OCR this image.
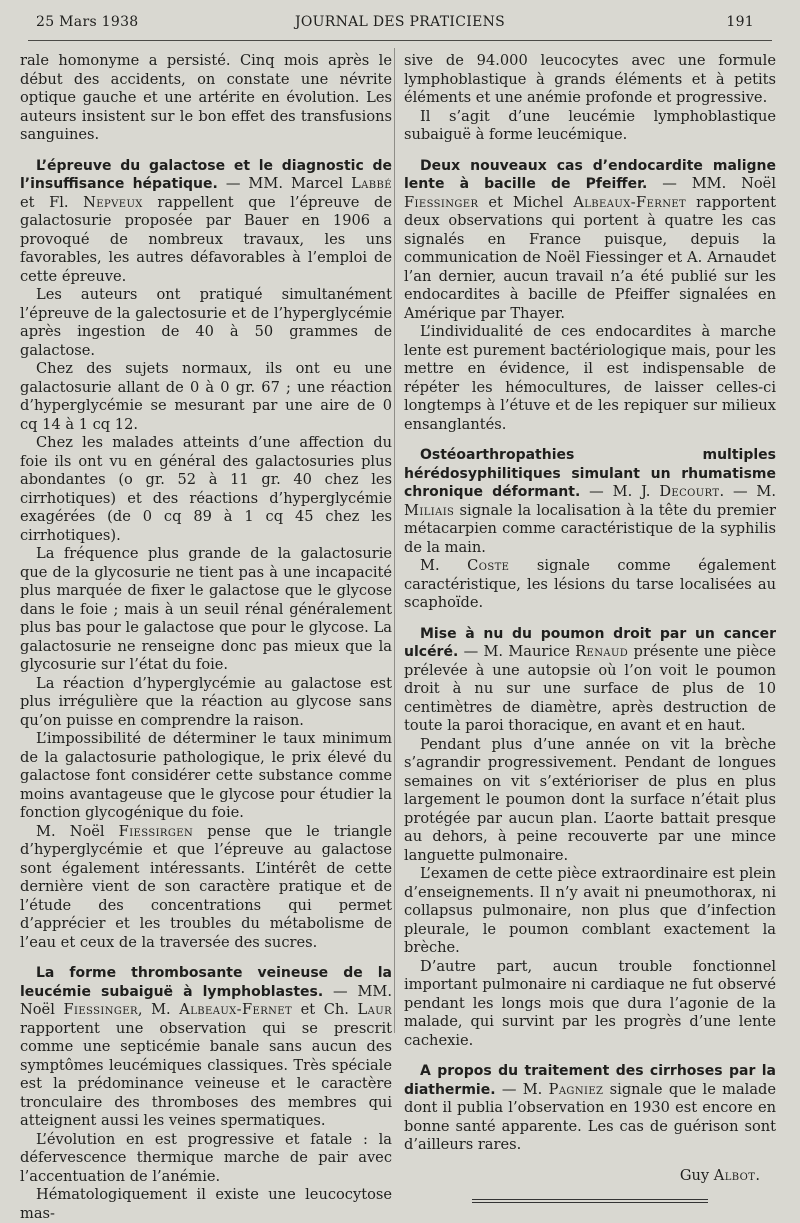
25 Mars 1938	JOURNAL DES PRATICIENS	191

rale homonyme a persisté. Cinq mois après le début des accidents, on constate une névrite optique gauche et une artérite en évolution. Les auteurs insistent sur le bon effet des transfusions sanguines.

L’épreuve du galactose et le diagnostic de l’insuffisance hépatique. — MM. Marcel Labbé et Fl. Nepveux rappellent que l’épreuve de galactosurie proposée par Bauer en 1906 a provoqué de nombreux travaux, les uns favorables, les autres défavorables à l’emploi de cette épreuve.

Les auteurs ont pratiqué simultanément l’épreuve de la galectosurie et de l’hyperglycémie après ingestion de 40 à 50 grammes de galactose.

Chez des sujets normaux, ils ont eu une galactosurie allant de 0 à 0 gr. 67 ; une réaction d’hyperglycémie se mesurant par une aire de 0 cq 14 à 1 cq 12.

Chez les malades atteints d’une affection du foie ils ont vu en général des galactosuries plus abondantes (o gr. 52 à 11 gr. 40 chez les cirrhotiques) et des réactions d’hyperglycémie exagérées (de 0 cq 89 à 1 cq 45 chez les cirrhotiques).

La fréquence plus grande de la galactosurie que de la glycosurie ne tient pas à une incapacité plus marquée de fixer le galactose que le glycose dans le foie ; mais à un seuil rénal généralement plus bas pour le galactose que pour le glycose. La galactosurie ne renseigne donc pas mieux que la glycosurie sur l’état du foie.

La réaction d’hyperglycémie au galactose est plus irrégulière que la réaction au glycose sans qu’on puisse en comprendre la raison.

L’impossibilité de déterminer le taux minimum de la galactosurie pathologique, le prix élevé du galactose font considérer cette substance comme moins avantageuse que le glycose pour étudier la fonction glycogénique du foie.

M. Noël Fiessirgen pense que le triangle d’hyperglycémie et que l’épreuve au galactose sont également intéressants. L’intérêt de cette dernière vient de son caractère pratique et de l’étude des concentrations qui permet d’apprécier et les troubles du métabolisme de l’eau et ceux de la traversée des sucres.

La forme thrombosante veineuse de la leucémie subaiguë à lymphoblastes. — MM. Noël Fiessinger, M. Albeaux-Fernet et Ch. Laur rapportent une observation qui se prescrit comme une septicémie banale sans aucun des symptômes leucémiques classiques. Très spéciale est la prédominance veineuse et le caractère tronculaire des thromboses des membres qui atteignent aussi les veines spermatiques.

L’évolution en est progressive et fatale : la défervescence thermique marche de pair avec l’accentuation de l’anémie.

Hématologiquement il existe une leucocytose mas-

sive de 94.000 leucocytes avec une formule lymphoblastique à grands éléments et à petits éléments et une anémie profonde et progressive.

Il s’agit d’une leucémie lymphoblastique subaiguë à forme leucémique.

Deux nouveaux cas d’endocardite maligne lente à bacille de Pfeiffer. — MM. Noël Fiessinger et Michel Albeaux-Fernet rapportent deux observations qui portent à quatre les cas signalés en France puisque, depuis la communication de Noël Fiessinger et A. Arnaudet l’an dernier, aucun travail n’a été publié sur les endocardites à bacille de Pfeiffer signalées en Amérique par Thayer.

L’individualité de ces endocardites à marche lente est purement bactériologique mais, pour les mettre en évidence, il est indispensable de répéter les hémocultures, de laisser celles-ci longtemps à l’étuve et de les repiquer sur milieux ensanglantés.

Ostéoarthropathies multiples hérédosyphilitiques simulant un rhumatisme chronique déformant. — M. J. Decourt. — M. Miliais signale la localisation à la tête du premier métacarpien comme caractéristique de la syphilis de la main.

M. Coste signale comme également caractéristique, les lésions du tarse localisées au scaphoïde.

Mise à nu du poumon droit par un cancer ulcéré. — M. Maurice Renaud présente une pièce prélevée à une autopsie où l’on voit le poumon droit à nu sur une surface de plus de 10 centimètres de diamètre, après destruction de toute la paroi thoracique, en avant et en haut.

Pendant plus d’une année on vit la brèche s’agrandir progressivement. Pendant de longues semaines on vit s’extérioriser de plus en plus largement le poumon dont la surface n’était plus protégée par aucun plan. L’aorte battait presque au dehors, à peine recouverte par une mince languette pulmonaire.

L’examen de cette pièce extraordinaire est plein d’enseignements. Il n’y avait ni pneumothorax, ni collapsus pulmonaire, non plus que d’infection pleurale, le poumon comblant exactement la brèche.

D’autre part, aucun trouble fonctionnel important pulmonaire ni cardiaque ne fut observé pendant les longs mois que dura l’agonie de la malade, qui survint par les progrès d’une lente cachexie.

A propos du traitement des cirrhoses par la diathermie. — M. Pagniez signale que le malade dont il publia l’observation en 1930 est encore en bonne santé apparente. Les cas de guérison sont d’ailleurs rares.

Guy Albot.
